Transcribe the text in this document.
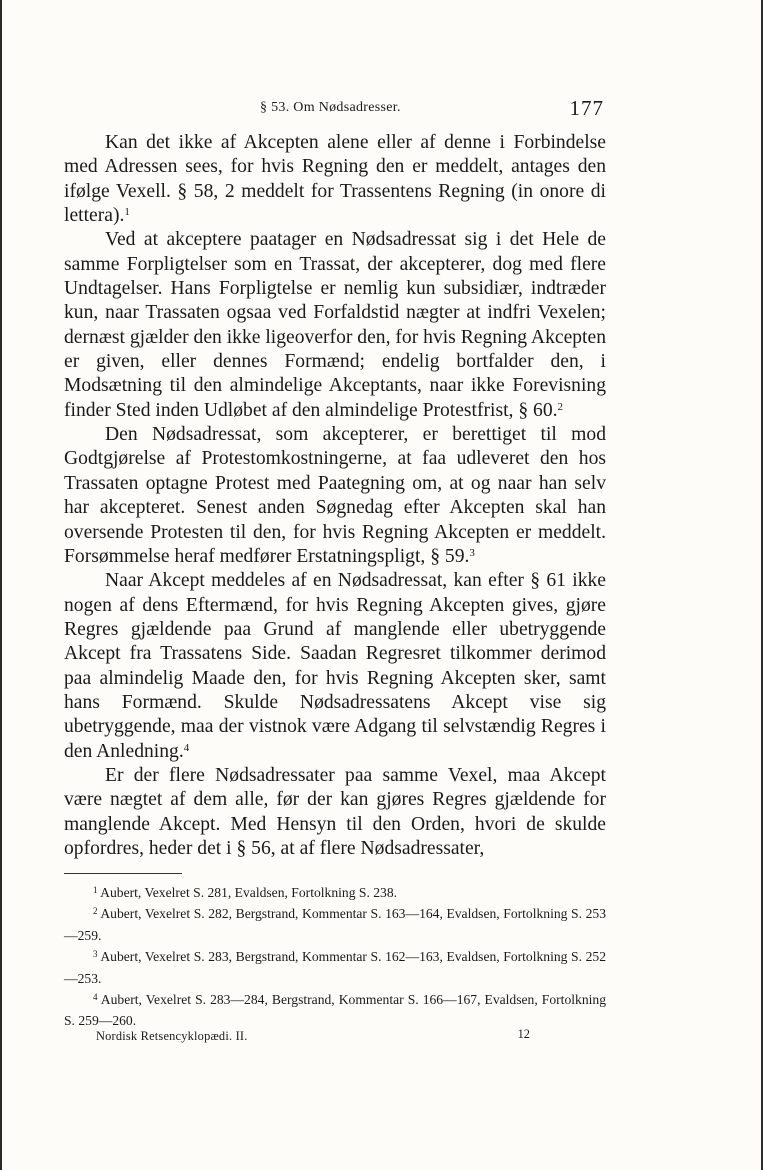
§ 53. Om Nødsadresser.	177

Kan det ikke af Akcepten alene eller af denne i Forbindelse med Adressen sees, for hvis Regning den er meddelt, antages den ifølge Vexell. § 58, 2 meddelt for Trassentens Regning (in onore di lettera).$^1$

Ved at akceptere paatager en Nødsadressat sig i det Hele de samme Forpligtelser som en Trassat, der akcepterer, dog med flere Undtagelser. Hans Forpligtelse er nemlig kun subsidiær, indtræder kun, naar Trassaten ogsaa ved Forfaldstid nægter at indfri Vexelen; dernæst gjælder den ikke ligeoverfor den, for hvis Regning Akcepten er given, eller dennes Formænd; endelig bortfalder den, i Modsætning til den almindelige Akceptants, naar ikke Forevisning finder Sted inden Udløbet af den almindelige Protestfrist, § 60.$^2$

Den Nødsadressat, som akcepterer, er berettiget til mod Godtgjørelse af Protestomkostningerne, at faa udleveret den hos Trassaten optagne Protest med Paategning om, at og naar han selv har akcepteret. Senest anden Søgnedag efter Akcepten skal han oversende Protesten til den, for hvis Regning Akcepten er meddelt. Forsømmelse heraf medfører Erstatningspligt, § 59.$^3$

Naar Akcept meddeles af en Nødsadressat, kan efter § 61 ikke nogen af dens Eftermænd, for hvis Regning Akcepten gives, gjøre Regres gjældende paa Grund af manglende eller ubetryggende Akcept fra Trassatens Side. Saadan Regresret tilkommer derimod paa almindelig Maade den, for hvis Regning Akcepten sker, samt hans Formænd. Skulde Nødsadressatens Akcept vise sig ubetryggende, maa der vistnok være Adgang til selvstændig Regres i den Anledning.$^4$

Er der flere Nødsadressater paa samme Vexel, maa Akcept være nægtet af dem alle, før der kan gjøres Regres gjældende for manglende Akcept. Med Hensyn til den Orden, hvori de skulde opfordres, heder det i § 56, at af flere Nødsadressater,

$^1$ Aubert, Vexelret S. 281, Evaldsen, Fortolkning S. 238.

$^2$ Aubert, Vexelret S. 282, Bergstrand, Kommentar S. 163—164, Evaldsen, Fortolkning S. 253—259.

$^3$ Aubert, Vexelret S. 283, Bergstrand, Kommentar S. 162—163, Evaldsen, Fortolkning S. 252—253.

$^4$ Aubert, Vexelret S. 283—284, Bergstrand, Kommentar S. 166—167, Evaldsen, Fortolkning S. 259—260.

Nordisk Retsencyklopædi. II.	12
